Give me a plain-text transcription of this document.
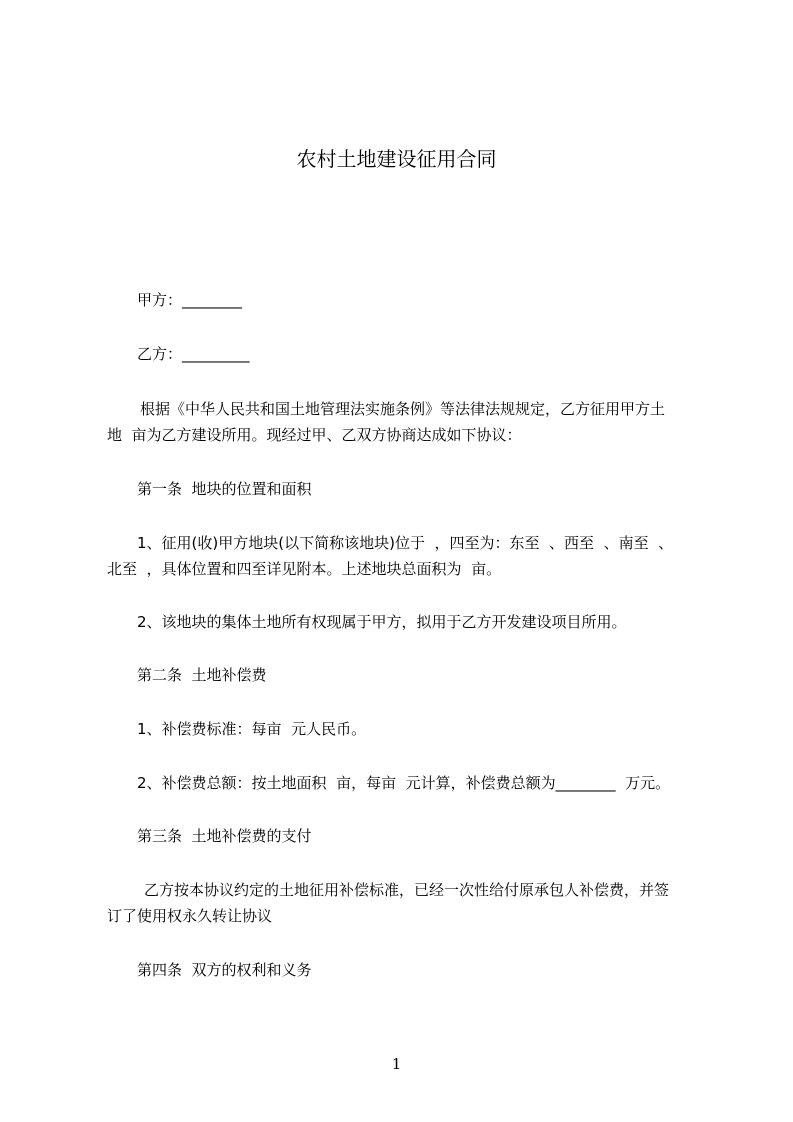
农村土地建设征用合同
甲方：________
乙方：_________
根据《中华人民共和国土地管理法实施条例》等法律法规规定，乙方征用甲方土
地  亩为乙方建设所用。现经过甲、乙双方协商达成如下协议：
第一条  地块的位置和面积
1、征用(收)甲方地块(以下简称该地块)位于  ，四至为：东至  、西至  、南至  、
北至  ，具体位置和四至详见附本。上述地块总面积为  亩。
2、该地块的集体土地所有权现属于甲方，拟用于乙方开发建设项目所用。
第二条  土地补偿费
1、补偿费标准：每亩  元人民币。
2、补偿费总额：按土地面积  亩，每亩  元计算，补偿费总额为________  万元。
第三条  土地补偿费的支付
乙方按本协议约定的土地征用补偿标准，已经一次性给付原承包人补偿费，并签
订了使用权永久转让协议
第四条  双方的权利和义务
1
